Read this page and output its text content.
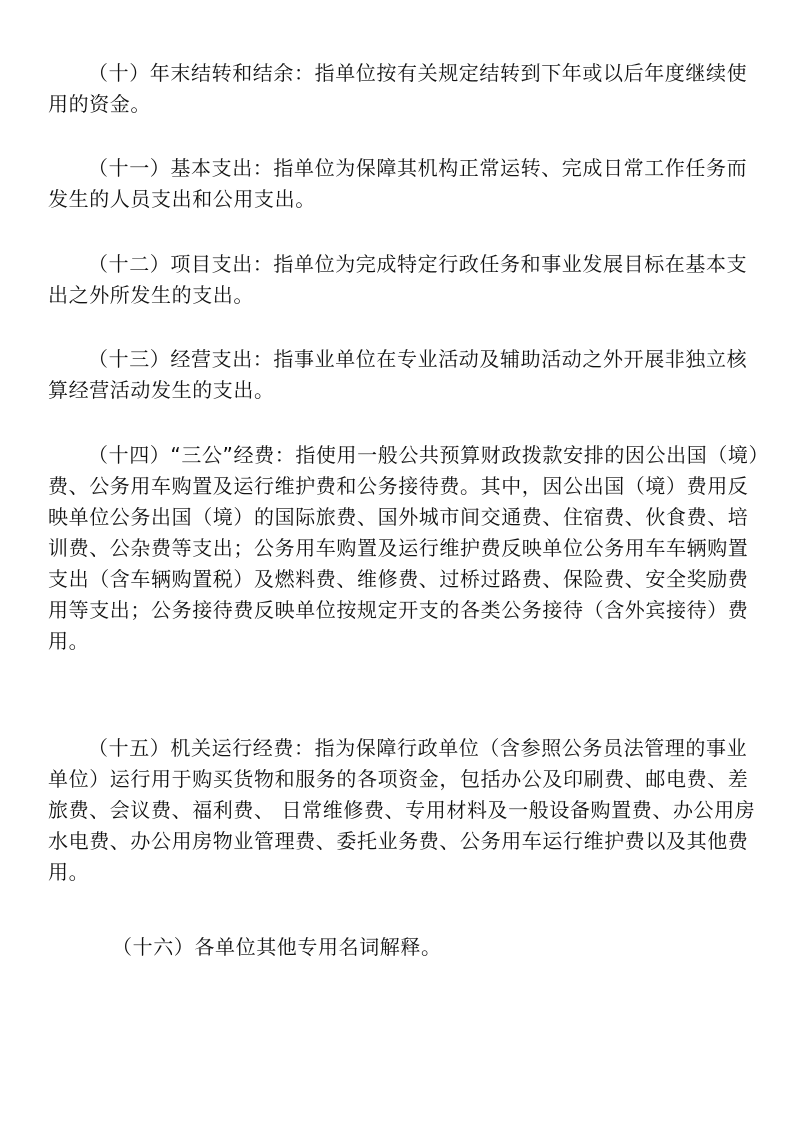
（十）年末结转和结余：指单位按有关规定结转到下年或以后年度继续使用的资金。

（十一）基本支出：指单位为保障其机构正常运转、完成日常工作任务而发生的人员支出和公用支出。

（十二）项目支出：指单位为完成特定行政任务和事业发展目标在基本支出之外所发生的支出。

（十三）经营支出：指事业单位在专业活动及辅助活动之外开展非独立核算经营活动发生的支出。

（十四）“三公”经费：指使用一般公共预算财政拨款安排的因公出国（境）费、公务用车购置及运行维护费和公务接待费。其中，因公出国（境）费用反映单位公务出国（境）的国际旅费、国外城市间交通费、住宿费、伙食费、培训费、公杂费等支出；公务用车购置及运行维护费反映单位公务用车车辆购置支出（含车辆购置税）及燃料费、维修费、过桥过路费、保险费、安全奖励费用等支出；公务接待费反映单位按规定开支的各类公务接待（含外宾接待）费用。

（十五）机关运行经费：指为保障行政单位（含参照公务员法管理的事业单位）运行用于购买货物和服务的各项资金，包括办公及印刷费、邮电费、差旅费、会议费、福利费、 日常维修费、专用材料及一般设备购置费、办公用房水电费、办公用房物业管理费、委托业务费、公务用车运行维护费以及其他费用。

（十六）各单位其他专用名词解释。
